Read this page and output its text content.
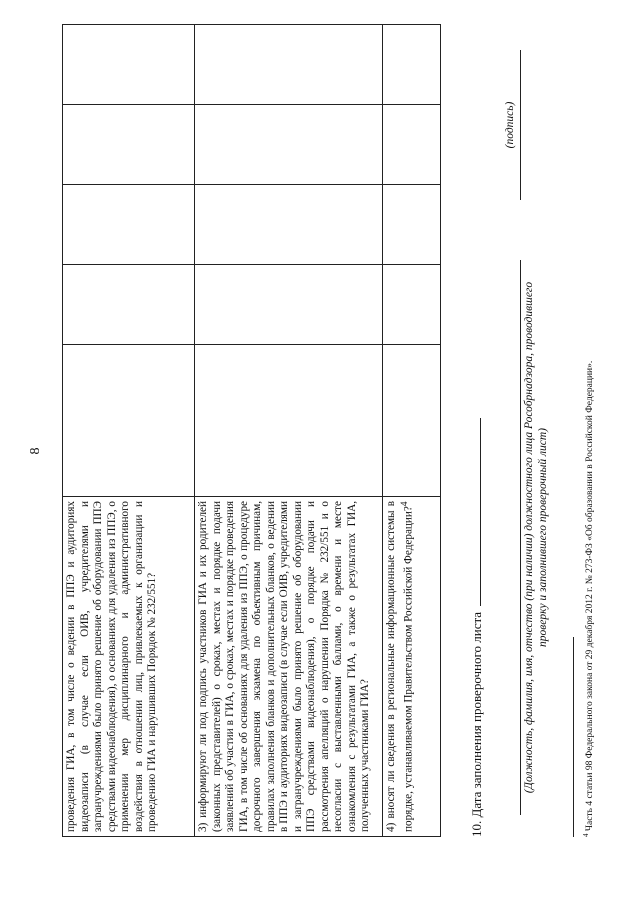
8
проведения ГИА, в том числе о ведении в ППЭ и аудиториях видеозаписи (в случае если ОИВ, учредителями и загранучреждениями было принято решение об оборудовании ППЭ средствами видеонаблюдения), о основаниях для удаления из ППЭ, о применении мер дисциплинарного и административного воздействия в отношении лиц, привлекаемых к организации и проведению ГИА и нарушивших Порядок № 232/551?					
3) информируют ли под подпись участников ГИА и их родителей (законных представителей) о сроках, местах и порядке подачи заявлений об участии в ГИА, о сроках, местах и порядке проведения ГИА, в том числе об основаниях для удаления из ППЭ, о процедуре досрочного завершения экзамена по объективным причинам, правилах заполнения бланков и дополнительных бланков, о ведении в ППЭ и аудиториях видеозаписи (в случае если ОИВ, учредителями и загранучреждениями было принято решение об оборудовании ППЭ средствами видеонаблюдения), о порядке подачи и рассмотрения апелляций о нарушении Порядка № 232/551 и о несогласии с выставленными баллами, о времени и месте ознакомления с результатами ГИА, а также о результатах ГИА, полученных участниками ГИА?					
4) вносят ли сведения в региональные информационные системы в порядке, устанавливаемом Правительством Российской Федерации?$^4$					
10. Дата заполнения проверочного листа	(Должность, фамилия, имя, отчество (при наличии) должностного лица Рособрнадзора, проводившего проверку и заполнившего проверочный лист)
(подпись)
$^4$ Часть 4 статьи 98 Федерального закона от 29 декабря 2012 г. № 273-ФЗ «Об образовании в Российской Федерации».
